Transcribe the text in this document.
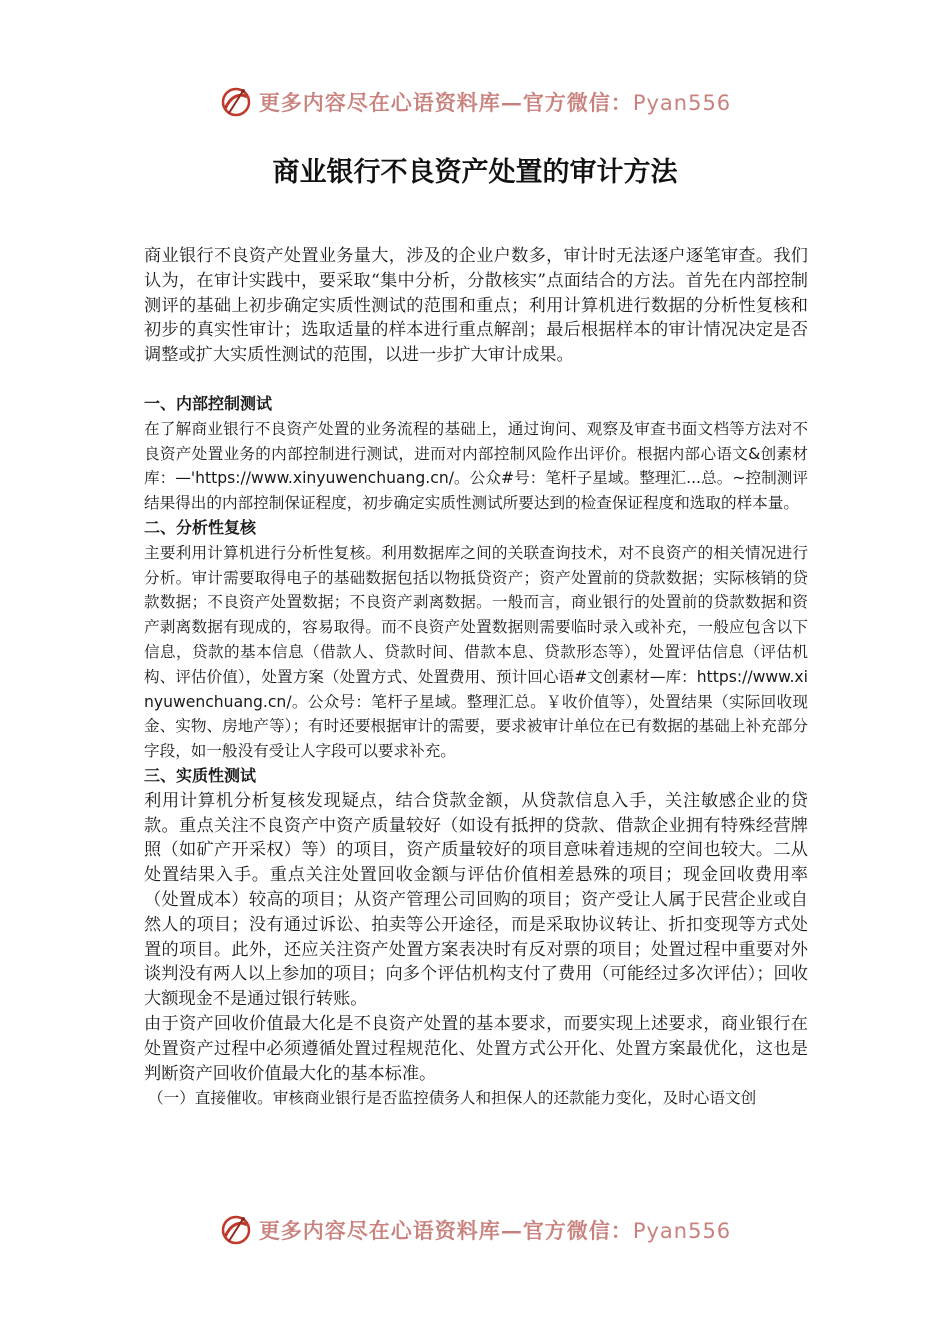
更多内容尽在心语资料库—官方微信：Pyan556
商业银行不良资产处置的审计方法

商业银行不良资产处置业务量大，涉及的企业户数多，审计时无法逐户逐笔审查。我们认为，在审计实践中，要采取“集中分析，分散核实”点面结合的方法。首先在内部控制测评的基础上初步确定实质性测试的范围和重点；利用计算机进行数据的分析性复核和初步的真实性审计；选取适量的样本进行重点解剖；最后根据样本的审计情况决定是否调整或扩大实质性测试的范围，以进一步扩大审计成果。

一、内部控制测试

在了解商业银行不良资产处置的业务流程的基础上，通过询问、观察及审查书面文档等方法对不良资产处置业务的内部控制进行测试，进而对内部控制风险作出评价。根据内部心语文&创素材库：—'https://www.xinyuwenchuang.cn/。公众#号：笔杆子星域。整理汇...总。~控制测评结果得出的内部控制保证程度，初步确定实质性测试所要达到的检查保证程度和选取的样本量。

二、分析性复核

主要利用计算机进行分析性复核。利用数据库之间的关联查询技术，对不良资产的相关情况进行分析。审计需要取得电子的基础数据包括以物抵贷资产；资产处置前的贷款数据；实际核销的贷款数据；不良资产处置数据；不良资产剥离数据。一般而言，商业银行的处置前的贷款数据和资产剥离数据有现成的，容易取得。而不良资产处置数据则需要临时录入或补充，一般应包含以下信息，贷款的基本信息（借款人、贷款时间、借款本息、贷款形态等），处置评估信息（评估机构、评估价值），处置方案（处置方式、处置费用、预计回心语#文创素材—库：https://www.xinyuwenchuang.cn/。公众号：笔杆子星域。整理汇总。￥收价值等），处置结果（实际回收现金、实物、房地产等）；有时还要根据审计的需要，要求被审计单位在已有数据的基础上补充部分字段，如一般没有受让人字段可以要求补充。

三、实质性测试

利用计算机分析复核发现疑点，结合贷款金额，从贷款信息入手，关注敏感企业的贷款。重点关注不良资产中资产质量较好（如设有抵押的贷款、借款企业拥有特殊经营牌照（如矿产开采权）等）的项目，资产质量较好的项目意味着违规的空间也较大。二从处置结果入手。重点关注处置回收金额与评估价值相差悬殊的项目；现金回收费用率（处置成本）较高的项目；从资产管理公司回购的项目；资产受让人属于民营企业或自然人的项目；没有通过诉讼、拍卖等公开途径，而是采取协议转让、折扣变现等方式处置的项目。此外，还应关注资产处置方案表决时有反对票的项目；处置过程中重要对外谈判没有两人以上参加的项目；向多个评估机构支付了费用（可能经过多次评估）；回收大额现金不是通过银行转账。

由于资产回收价值最大化是不良资产处置的基本要求，而要实现上述要求，商业银行在处置资产过程中必须遵循处置过程规范化、处置方式公开化、处置方案最优化，这也是判断资产回收价值最大化的基本标准。

（一）直接催收。审核商业银行是否监控债务人和担保人的还款能力变化，及时心语文创

更多内容尽在心语资料库—官方微信：Pyan556
